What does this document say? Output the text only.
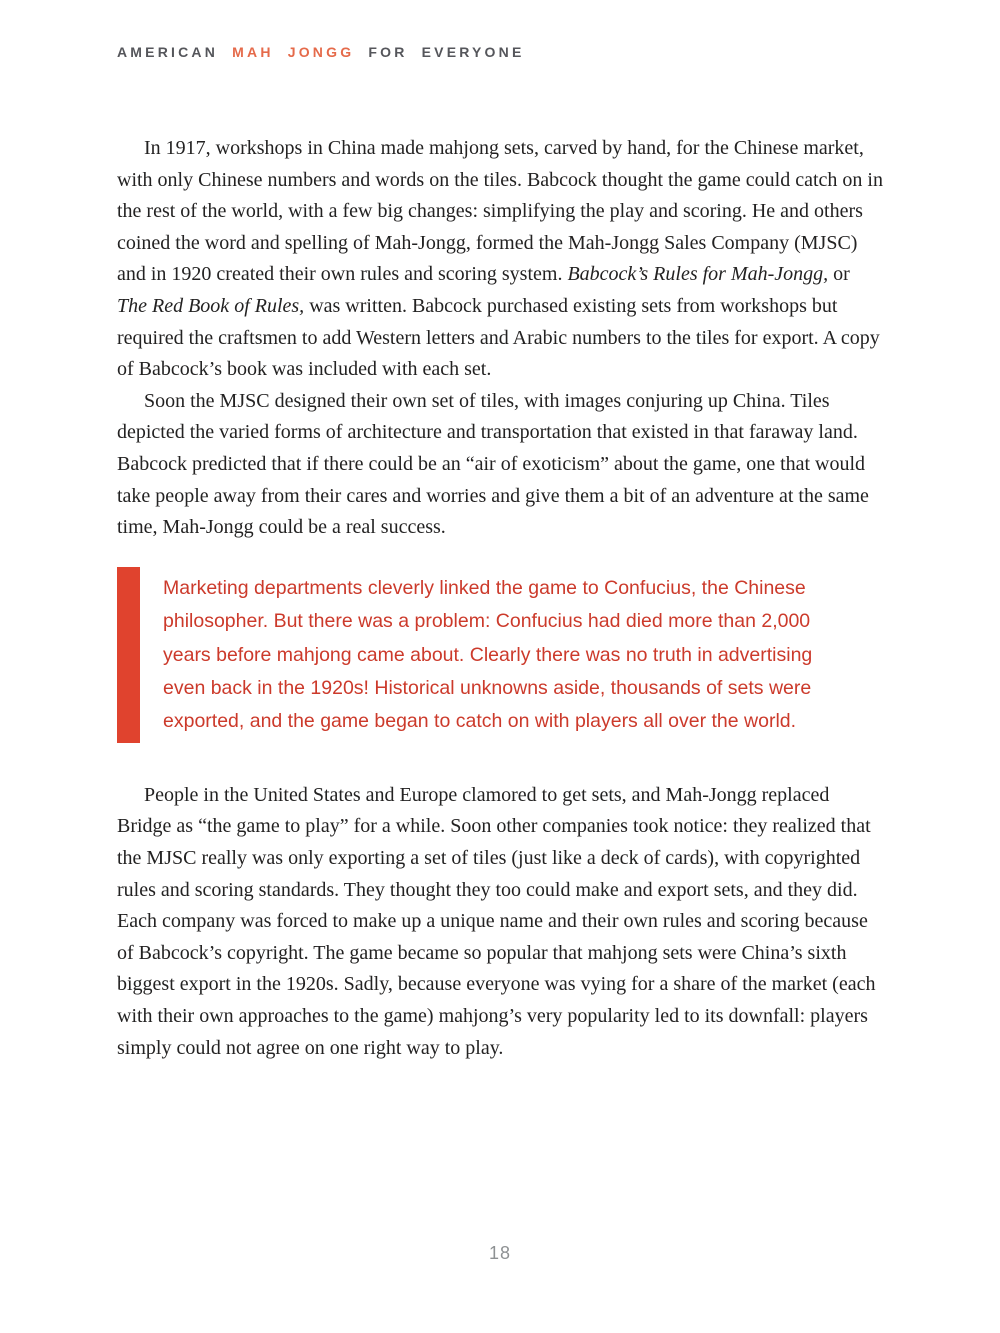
AMERICAN MAH JONGG FOR EVERYONE

In 1917, workshops in China made mahjong sets, carved by hand, for the Chinese market, with only Chinese numbers and words on the tiles. Babcock thought the game could catch on in the rest of the world, with a few big changes: simplifying the play and scoring. He and others coined the word and spelling of Mah-Jongg, formed the Mah-Jongg Sales Company (MJSC) and in 1920 created their own rules and scoring system. Babcock’s Rules for Mah-Jongg, or The Red Book of Rules, was written. Babcock purchased existing sets from workshops but required the craftsmen to add Western letters and Arabic numbers to the tiles for export. A copy of Babcock’s book was included with each set.

Soon the MJSC designed their own set of tiles, with images conjuring up China. Tiles depicted the varied forms of architecture and transportation that existed in that faraway land. Babcock predicted that if there could be an “air of exoticism” about the game, one that would take people away from their cares and worries and give them a bit of an adventure at the same time, Mah-Jongg could be a real success.

Marketing departments cleverly linked the game to Confucius, the Chinese philosopher. But there was a problem: Confucius had died more than 2,000 years before mahjong came about. Clearly there was no truth in advertising even back in the 1920s! Historical unknowns aside, thousands of sets were exported, and the game began to catch on with players all over the world.

People in the United States and Europe clamored to get sets, and Mah-Jongg replaced Bridge as “the game to play” for a while. Soon other companies took notice: they realized that the MJSC really was only exporting a set of tiles (just like a deck of cards), with copyrighted rules and scoring standards. They thought they too could make and export sets, and they did. Each company was forced to make up a unique name and their own rules and scoring because of Babcock’s copyright. The game became so popular that mahjong sets were China’s sixth biggest export in the 1920s. Sadly, because everyone was vying for a share of the market (each with their own approaches to the game) mahjong’s very popularity led to its downfall: players simply could not agree on one right way to play.

18
